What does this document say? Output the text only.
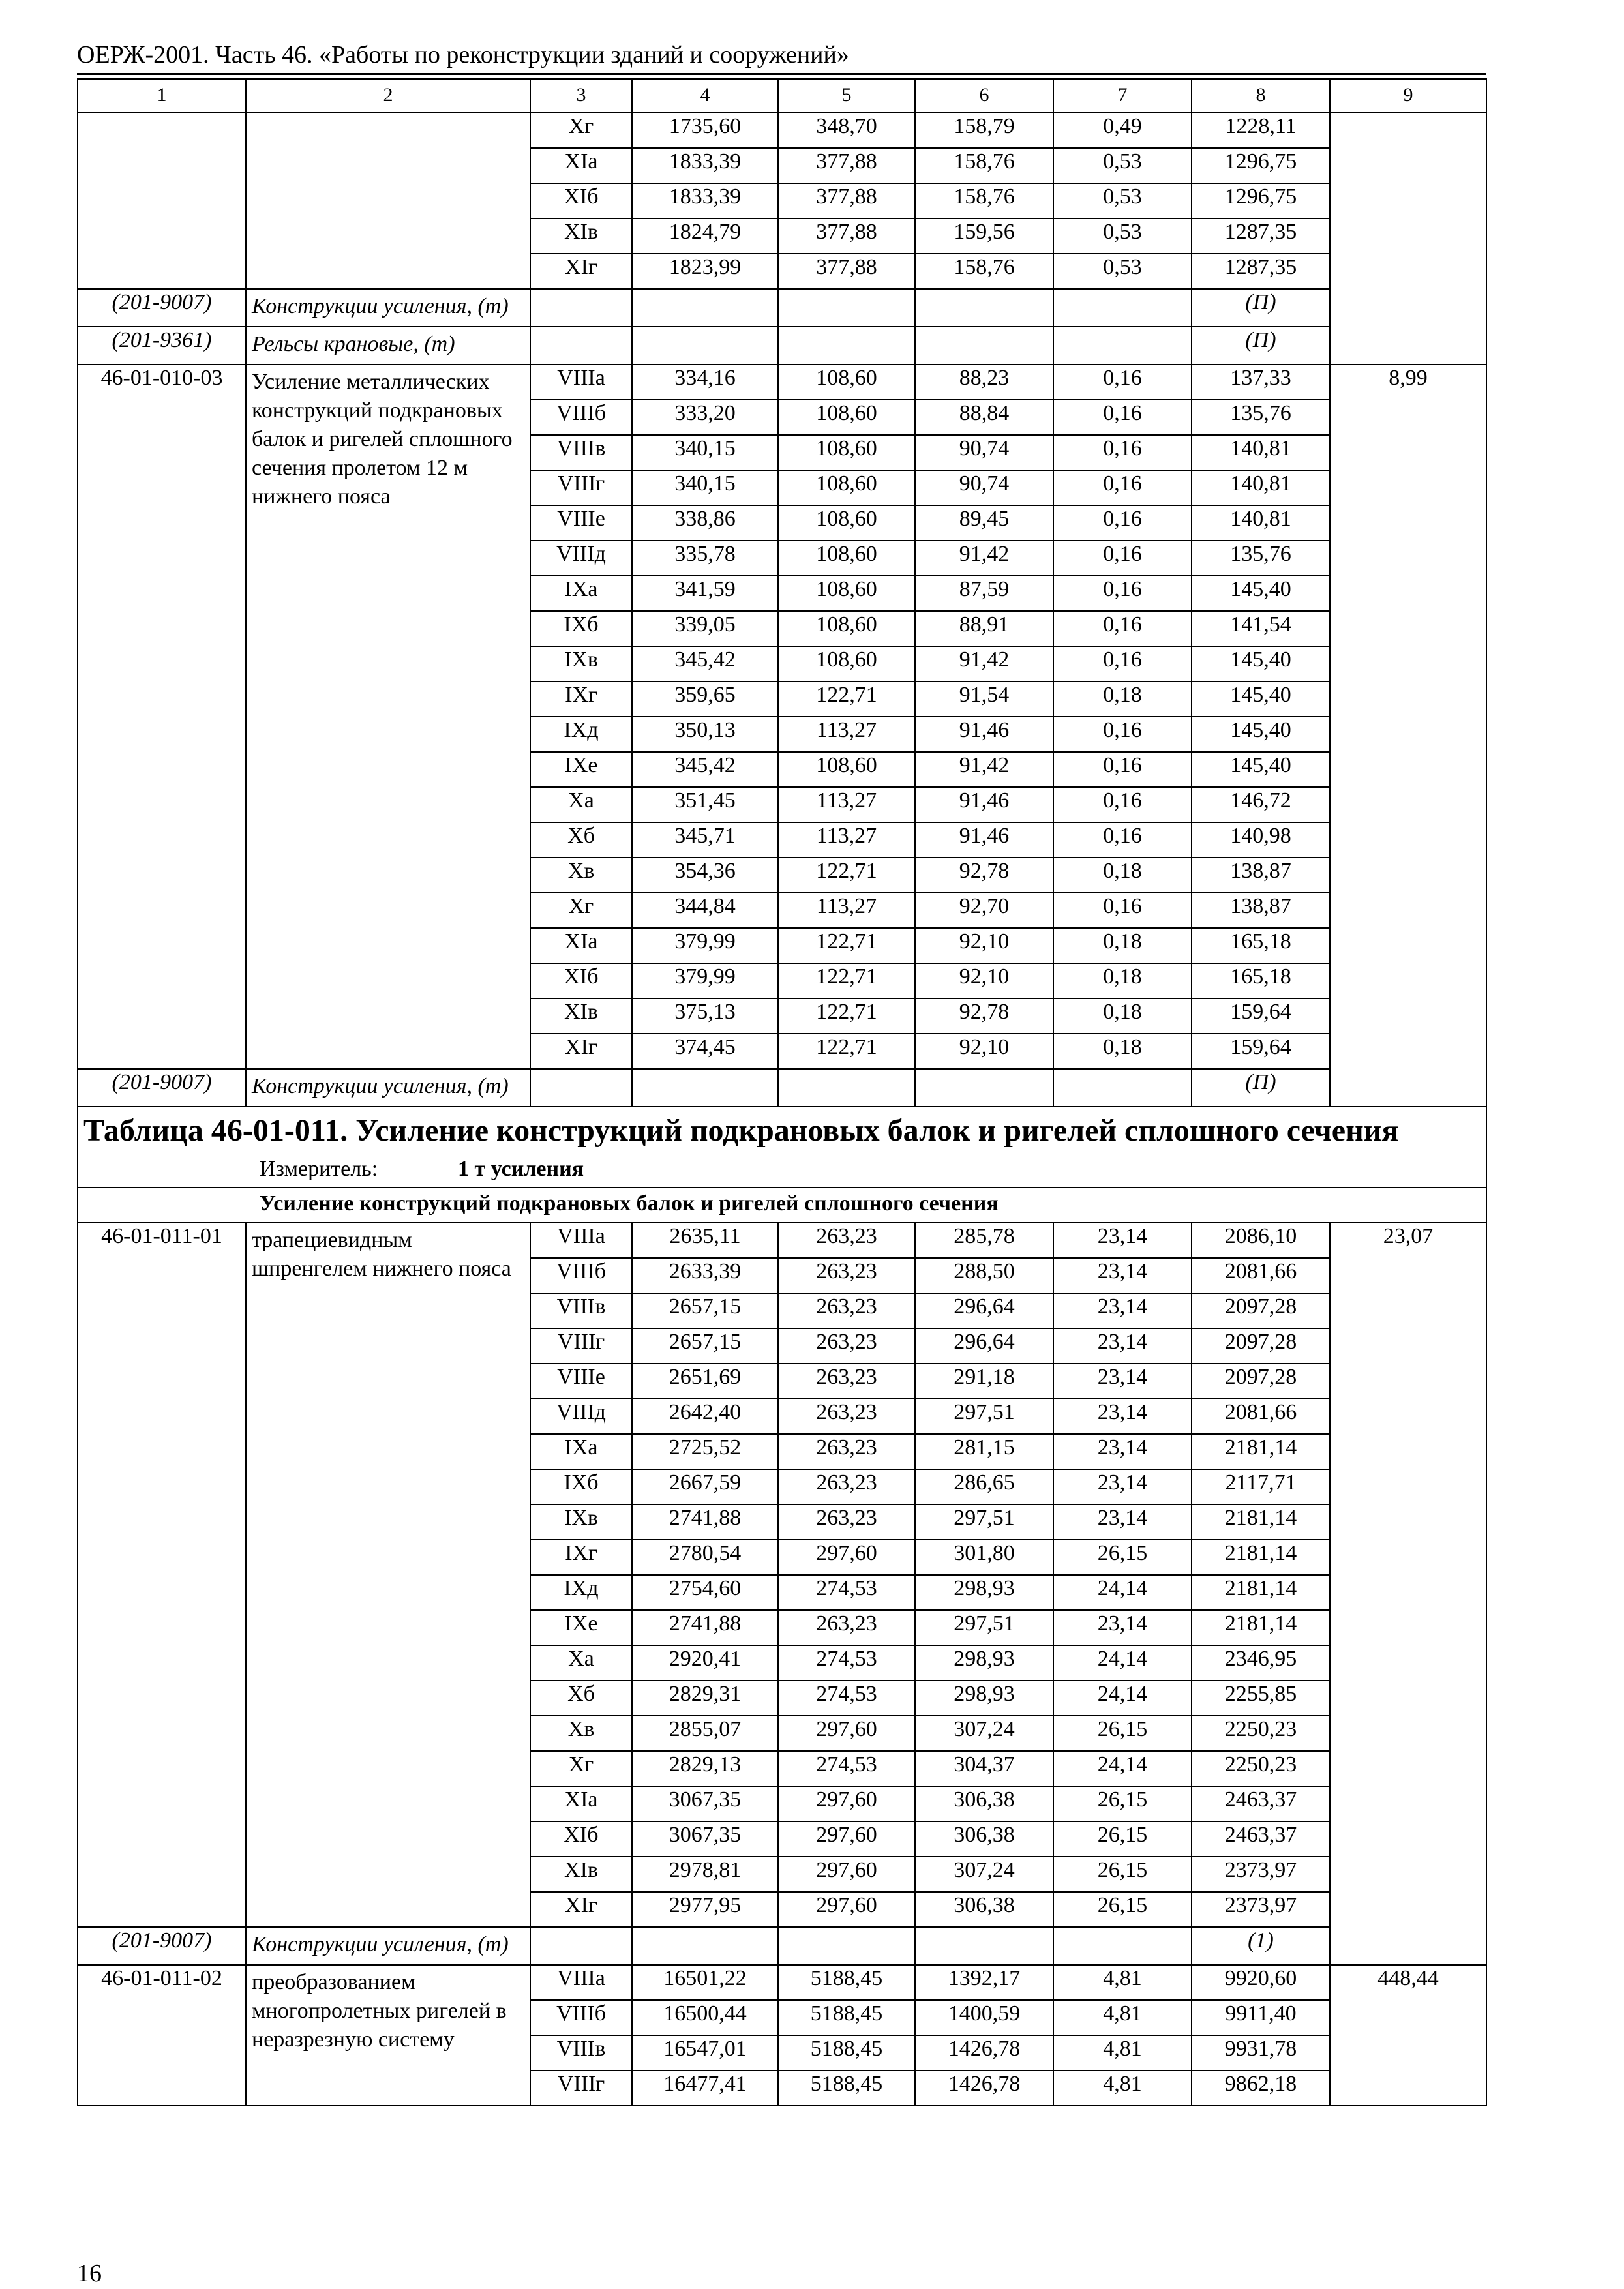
ОЕРЖ-2001. Часть 46. «Работы по реконструкции зданий и сооружений»
1	2	3	4	5	6	7	8	9
		Xг	1735,60	348,70	158,79	0,49	1228,11	
		XIа	1833,39	377,88	158,76	0,53	1296,75	
		XIб	1833,39	377,88	158,76	0,53	1296,75	
		XIв	1824,79	377,88	159,56	0,53	1287,35	
		XIг	1823,99	377,88	158,76	0,53	1287,35	
(201-9007)	Конструкции усиления, (т)						(П)	
(201-9361)	Рельсы крановые, (т)						(П)	
46-01-010-03	Усиление металлических конструкций подкрановых балок и ригелей сплошного сечения пролетом 12 м нижнего пояса	VIIIа	334,16	108,60	88,23	0,16	137,33	8,99
		VIIIб	333,20	108,60	88,84	0,16	135,76	
		VIIIв	340,15	108,60	90,74	0,16	140,81	
		VIIIг	340,15	108,60	90,74	0,16	140,81	
		VIIIе	338,86	108,60	89,45	0,16	140,81	
		VIIIд	335,78	108,60	91,42	0,16	135,76	
		IXа	341,59	108,60	87,59	0,16	145,40	
		IXб	339,05	108,60	88,91	0,16	141,54	
		IXв	345,42	108,60	91,42	0,16	145,40	
		IXг	359,65	122,71	91,54	0,18	145,40	
		IXд	350,13	113,27	91,46	0,16	145,40	
		IXе	345,42	108,60	91,42	0,16	145,40	
		Xа	351,45	113,27	91,46	0,16	146,72	
		Xб	345,71	113,27	91,46	0,16	140,98	
		Xв	354,36	122,71	92,78	0,18	138,87	
		Xг	344,84	113,27	92,70	0,16	138,87	
		XIа	379,99	122,71	92,10	0,18	165,18	
		XIб	379,99	122,71	92,10	0,18	165,18	
		XIв	375,13	122,71	92,78	0,18	159,64	
		XIг	374,45	122,71	92,10	0,18	159,64	
(201-9007)	Конструкции усиления, (т)						(П)	
Таблица 46-01-011. Усиление конструкций подкрановых балок и ригелей сплошного сечения								
Измеритель: 1 т усиления								
Усиление конструкций подкрановых балок и ригелей сплошного сечения								
46-01-011-01	трапециевидным шпренгелем нижнего пояса	VIIIа	2635,11	263,23	285,78	23,14	2086,10	23,07
		VIIIб	2633,39	263,23	288,50	23,14	2081,66	
		VIIIв	2657,15	263,23	296,64	23,14	2097,28	
		VIIIг	2657,15	263,23	296,64	23,14	2097,28	
		VIIIе	2651,69	263,23	291,18	23,14	2097,28	
		VIIIд	2642,40	263,23	297,51	23,14	2081,66	
		IXа	2725,52	263,23	281,15	23,14	2181,14	
		IXб	2667,59	263,23	286,65	23,14	2117,71	
		IXв	2741,88	263,23	297,51	23,14	2181,14	
		IXг	2780,54	297,60	301,80	26,15	2181,14	
		IXд	2754,60	274,53	298,93	24,14	2181,14	
		IXе	2741,88	263,23	297,51	23,14	2181,14	
		Xа	2920,41	274,53	298,93	24,14	2346,95	
		Xб	2829,31	274,53	298,93	24,14	2255,85	
		Xв	2855,07	297,60	307,24	26,15	2250,23	
		Xг	2829,13	274,53	304,37	24,14	2250,23	
		XIа	3067,35	297,60	306,38	26,15	2463,37	
		XIб	3067,35	297,60	306,38	26,15	2463,37	
		XIв	2978,81	297,60	307,24	26,15	2373,97	
		XIг	2977,95	297,60	306,38	26,15	2373,97	
(201-9007)	Конструкции усиления, (т)						(1)	
46-01-011-02	преобразованием многопролетных ригелей в неразрезную систему	VIIIа	16501,22	5188,45	1392,17	4,81	9920,60	448,44
		VIIIб	16500,44	5188,45	1400,59	4,81	9911,40	
		VIIIв	16547,01	5188,45	1426,78	4,81	9931,78	
		VIIIг	16477,41	5188,45	1426,78	4,81	9862,18	
16
